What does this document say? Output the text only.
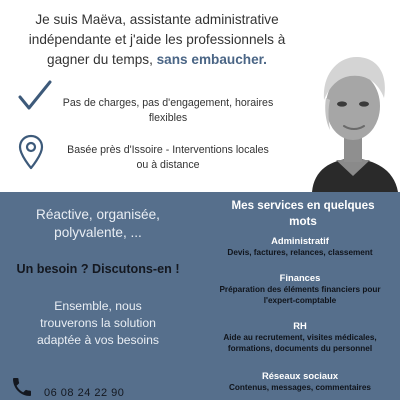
Je suis Maëva, assistante administrative
indépendante et j'aide les professionnels à
gagner du temps, sans embaucher.
Pas de charges, pas d'engagement, horaires
flexibles
Basée près d'Issoire - Interventions locales
ou à distance
Réactive, organisée,
polyvalente, ...
Un besoin ? Discutons-en !
Ensemble, nous
trouverons la solution
adaptée à vos besoins
06 08 24 22 90
Mes services en quelques
mots
Administratif
Devis, factures, relances, classement
Finances
Préparation des éléments financiers pour
l'expert-comptable
RH
Aide au recrutement, visites médicales,
formations, documents du personnel
Réseaux sociaux
Contenus, messages, commentaires
